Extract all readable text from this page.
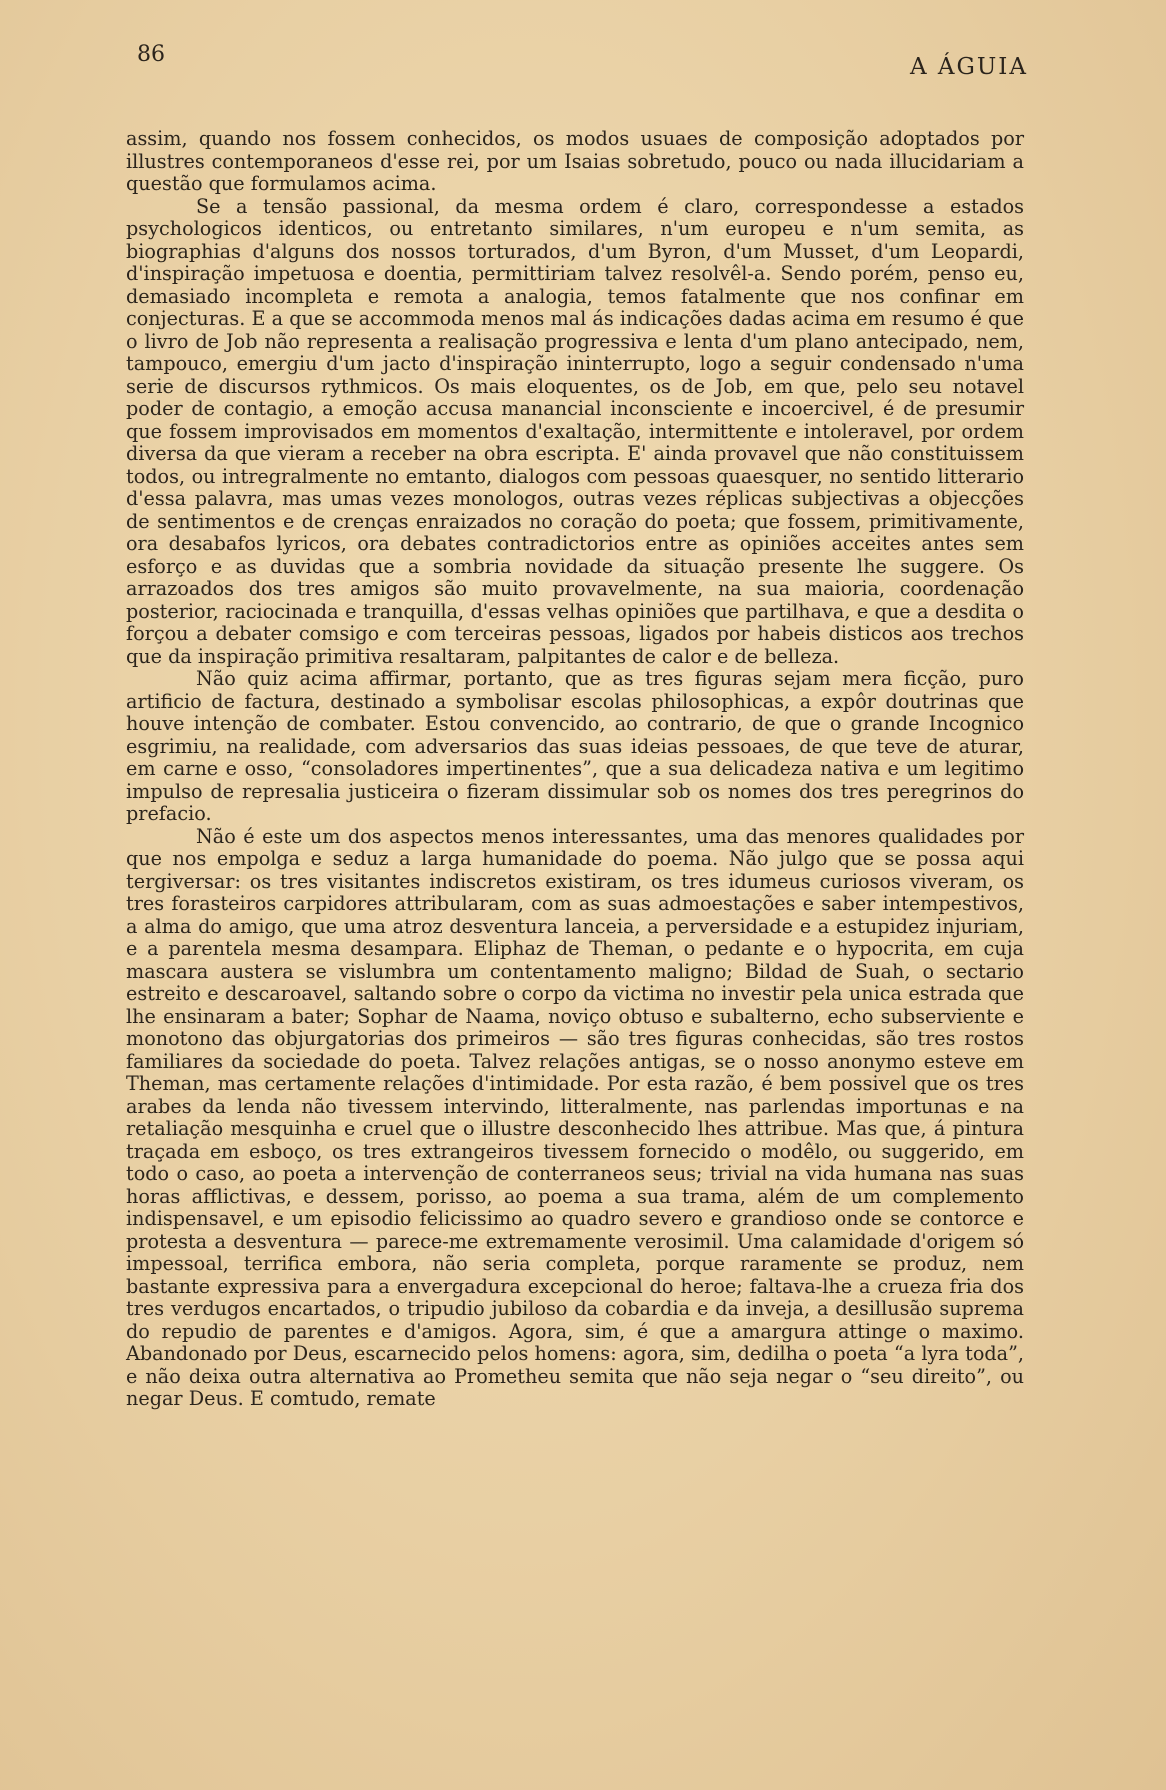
86	A ÁGUIA

assim, quando nos fossem conhecidos, os modos usuaes de composição adoptados por illustres contemporaneos d'esse rei, por um Isaias sobretudo, pouco ou nada illucidariam a questão que formulamos acima.

Se a tensão passional, da mesma ordem é claro, correspondesse a estados psychologicos identicos, ou entretanto similares, n'um europeu e n'um semita, as biographias d'alguns dos nossos torturados, d'um Byron, d'um Musset, d'um Leopardi, d'inspiração impetuosa e doentia, permittiriam talvez resolvêl-a. Sendo porém, penso eu, demasiado incompleta e remota a analogia, temos fatalmente que nos confinar em conjecturas. E a que se accommoda menos mal ás indicações dadas acima em resumo é que o livro de Job não representa a realisação progressiva e lenta d'um plano antecipado, nem, tampouco, emergiu d'um jacto d'inspiração ininterrupto, logo a seguir condensado n'uma serie de discursos rythmicos. Os mais eloquentes, os de Job, em que, pelo seu notavel poder de contagio, a emoção accusa manancial inconsciente e incoercivel, é de presumir que fossem improvisados em momentos d'exaltação, intermittente e intoleravel, por ordem diversa da que vieram a receber na obra escripta. E' ainda provavel que não constituissem todos, ou intregralmente no emtanto, dialogos com pessoas quaesquer, no sentido litterario d'essa palavra, mas umas vezes monologos, outras vezes réplicas subjectivas a objecções de sentimentos e de crenças enraizados no coração do poeta; que fossem, primitivamente, ora desabafos lyricos, ora debates contradictorios entre as opiniões acceites antes sem esforço e as duvidas que a sombria novidade da situação presente lhe suggere. Os arrazoados dos tres amigos são muito provavelmente, na sua maioria, coordenação posterior, raciocinada e tranquilla, d'essas velhas opiniões que partilhava, e que a desdita o forçou a debater comsigo e com terceiras pessoas, ligados por habeis disticos aos trechos que da inspiração primitiva resaltaram, palpitantes de calor e de belleza.

Não quiz acima affirmar, portanto, que as tres figuras sejam mera ficção, puro artificio de factura, destinado a symbolisar escolas philosophicas, a expôr doutrinas que houve intenção de combater. Estou convencido, ao contrario, de que o grande Incognico esgrimiu, na realidade, com adversarios das suas ideias pessoaes, de que teve de aturar, em carne e osso, “consoladores impertinentes”, que a sua delicadeza nativa e um legitimo impulso de represalia justiceira o fizeram dissimular sob os nomes dos tres peregrinos do prefacio.

Não é este um dos aspectos menos interessantes, uma das menores qualidades por que nos empolga e seduz a larga humanidade do poema. Não julgo que se possa aqui tergiversar: os tres visitantes indiscretos existiram, os tres idumeus curiosos viveram, os tres forasteiros carpidores attribularam, com as suas admoestações e saber intempestivos, a alma do amigo, que uma atroz desventura lanceia, a perversidade e a estupidez injuriam, e a parentela mesma desampara. Eliphaz de Theman, o pedante e o hypocrita, em cuja mascara austera se vislumbra um contentamento maligno; Bildad de Suah, o sectario estreito e descaroavel, saltando sobre o corpo da victima no investir pela unica estrada que lhe ensinaram a bater; Sophar de Naama, noviço obtuso e subalterno, echo subserviente e monotono das objurgatorias dos primeiros — são tres figuras conhecidas, são tres rostos familiares da sociedade do poeta. Talvez relações antigas, se o nosso anonymo esteve em Theman, mas certamente relações d'intimidade. Por esta razão, é bem possivel que os tres arabes da lenda não tivessem intervindo, litteralmente, nas parlendas importunas e na retaliação mesquinha e cruel que o illustre desconhecido lhes attribue. Mas que, á pintura traçada em esboço, os tres extrangeiros tivessem fornecido o modêlo, ou suggerido, em todo o caso, ao poeta a intervenção de conterraneos seus; trivial na vida humana nas suas horas afflictivas, e dessem, porisso, ao poema a sua trama, além de um complemento indispensavel, e um episodio felicissimo ao quadro severo e grandioso onde se contorce e protesta a desventura — parece-me extremamente verosimil. Uma calamidade d'origem só impessoal, terrifica embora, não seria completa, porque raramente se produz, nem bastante expressiva para a envergadura excepcional do heroe; faltava-lhe a crueza fria dos tres verdugos encartados, o tripudio jubiloso da cobardia e da inveja, a desillusão suprema do repudio de parentes e d'amigos. Agora, sim, é que a amargura attinge o maximo. Abandonado por Deus, escarnecido pelos homens: agora, sim, dedilha o poeta “a lyra toda”, e não deixa outra alternativa ao Prometheu semita que não seja negar o “seu direito”, ou negar Deus. E comtudo, remate
